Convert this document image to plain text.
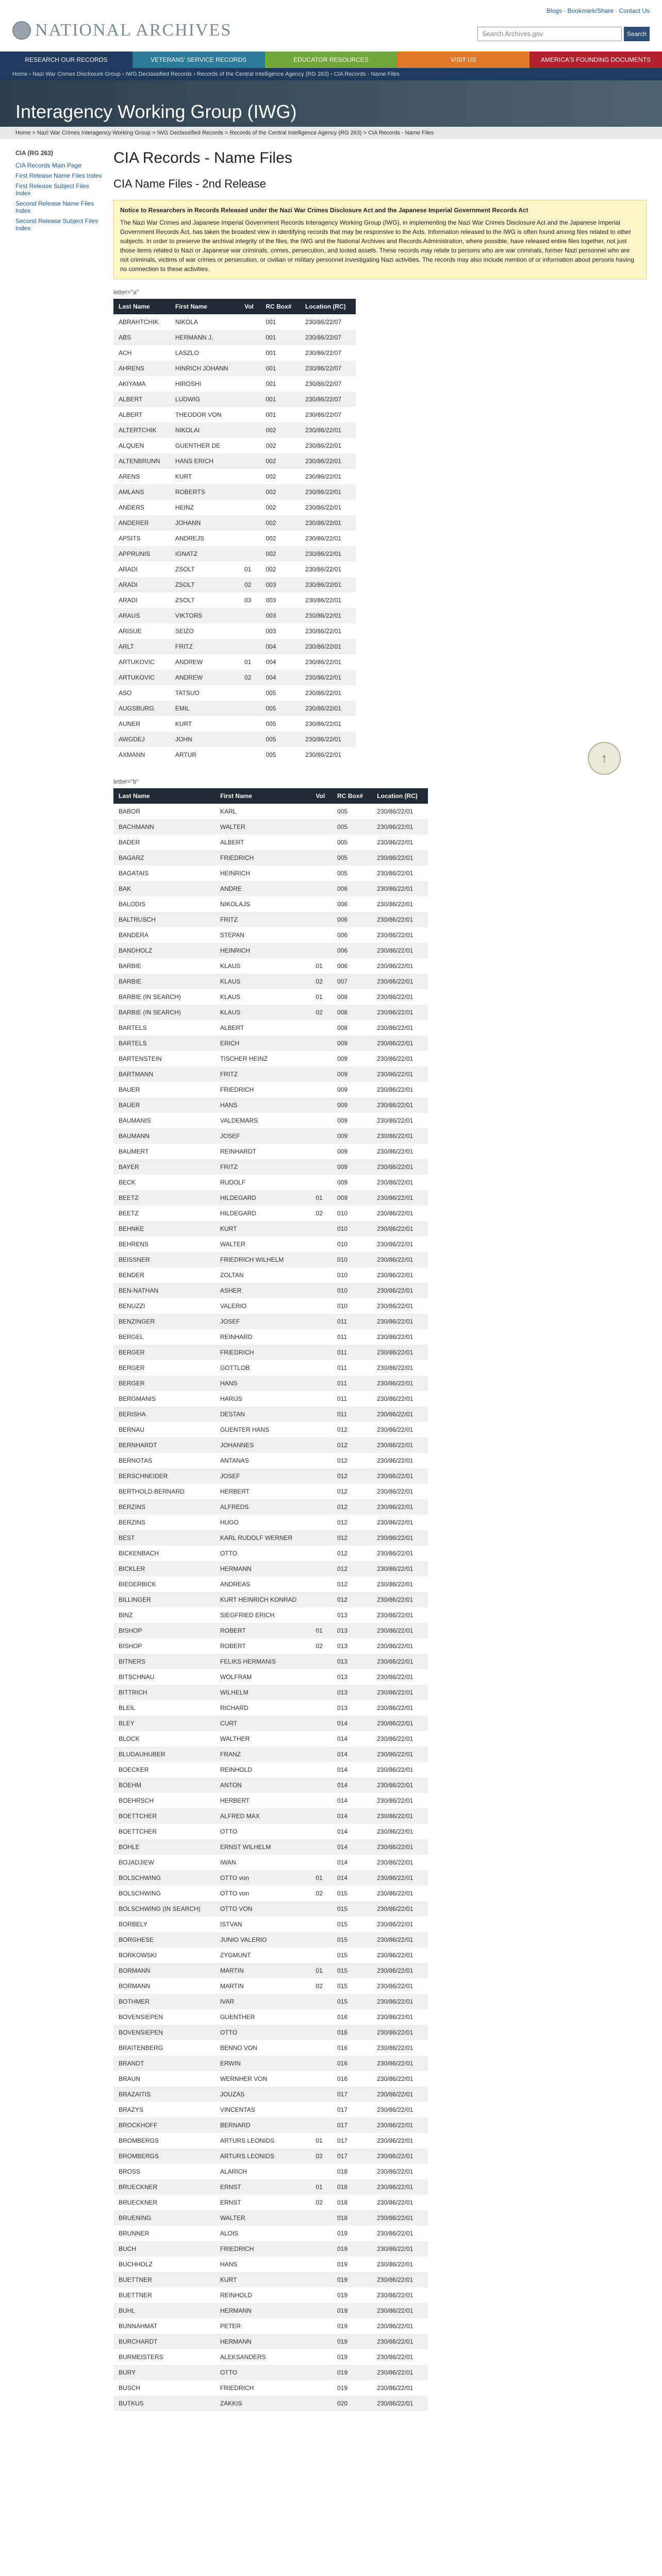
NATIONAL ARCHIVES
Blogs · Bookmark/Share · Contact Us
Search Archives.gov	Search
RESEARCH OUR RECORDS	VETERANS' SERVICE RECORDS	EDUCATOR RESOURCES	VISIT US	AMERICA'S FOUNDING DOCUMENTS
Home › Nazi War Crimes Disclosure Group › IWG Declassified Records › Records of the Central Intelligence Agency (RG 263) › CIA Records - Name Files
Interagency Working Group (IWG)
Home > Nazi War Crimes Interagency Working Group > IWG Declassified Records > Records of the Central Intelligence Agency (RG 263) > CIA Records - Name Files
CIA (RG 263)
CIA Records Main Page
First Release Name Files Index
First Release Subject Files Index
Second Release Name Files Index
Second Release Subject Files Index
CIA Records - Name Files
CIA Name Files - 2nd Release
Notice to Researchers in Records Released under the Nazi War Crimes Disclosure Act and the Japanese Imperial Government Records Act
The Nazi War Crimes and Japanese Imperial Government Records Interagency Working Group (IWG), in implementing the Nazi War Crimes Disclosure Act and the Japanese Imperial Government Records Act, has taken the broadest view in identifying records that may be responsive to the Acts. Information released to the IWG is often found among files related to other subjects. In order to preserve the archival integrity of the files, the IWG and the National Archives and Records Administration, where possible, have released entire files together, not just those items related to Nazi or Japanese war criminals, crimes, persecution, and looted assets. These records may relate to persons who are war criminals, former Nazi personnel who are not criminals, victims of war crimes or persecution, or civilian or military personnel investigating Nazi activities. The records may also include mention of or information about persons having no connection to these activities.
letter="a"
Last Name	First Name	Vol	RC Box#	Location (RC)
ABRAHTCHIK	NIKOLA		001	230/86/22/07
ABS	HERMANN J.		001	230/86/22/07
ACH	LASZLO		001	230/86/22/07
AHRENS	HINRICH JOHANN		001	230/86/22/07
AKIYAMA	HIROSHI		001	230/86/22/07
ALBERT	LUDWIG		001	230/86/22/07
ALBERT	THEODOR VON		001	230/86/22/07
ALTERTCHIK	NIKOLAI		002	230/86/22/01
ALQUEN	GUENTHER DE		002	230/86/22/01
ALTENBRUNN	HANS ERICH		002	230/86/22/01
ARENS	KURT		002	230/86/22/01
AMLANS	ROBERTS		002	230/86/22/01
ANDERS	HEINZ		002	230/86/22/01
ANDERER	JOHANN		002	230/86/22/01
APSITS	ANDREJS		002	230/86/22/01
APPRUNIS	IGNATZ		002	230/86/22/01
ARADI	ZSOLT	01	002	230/86/22/01
ARADI	ZSOLT	02	003	230/86/22/01
ARADI	ZSOLT	03	003	230/86/22/01
ARAUS	VIKTORS		003	230/86/22/01
ARISUE	SEIZO		003	230/86/22/01
ARLT	FRITZ		004	230/86/22/01
ARTUKOVIC	ANDREW	01	004	230/86/22/01
ARTUKOVIC	ANDREW	02	004	230/86/22/01
ASO	TATSUO		005	230/86/22/01
AUGSBURG	EMIL		005	230/86/22/01
AUNER	KURT		005	230/86/22/01
AWGDEJ	JOHN		005	230/86/22/01
AXMANN	ARTUR		005	230/86/22/01
letter="b"
Last Name	First Name	Vol	RC Box#	Location (RC)
BABOR	KARL		005	230/86/22/01
BACHMANN	WALTER		005	230/86/22/01
BADER	ALBERT		005	230/86/22/01
BAGARZ	FRIEDRICH		005	230/86/22/01
BAGATAIS	HEINRICH		005	230/86/22/01
BAK	ANDRE		006	230/86/22/01
BALODIS	NIKOLAJS		006	230/86/22/01
BALTRUSCH	FRITZ		006	230/86/22/01
BANDERA	STEPAN		006	230/86/22/01
BANDHOLZ	HEINRICH		006	230/86/22/01
BARBIE	KLAUS	01	006	230/86/22/01
BARBIE	KLAUS	02	007	230/86/22/01
BARBIE (IN SEARCH)	KLAUS	01	008	230/86/22/01
BARBIE (IN SEARCH)	KLAUS	02	008	230/86/22/01
BARTELS	ALBERT		008	230/86/22/01
BARTELS	ERICH		009	230/86/22/01
BARTENSTEIN	TISCHER HEINZ		009	230/86/22/01
BARTMANN	FRITZ		009	230/86/22/01
BAUER	FRIEDRICH		009	230/86/22/01
BAUER	HANS		009	230/86/22/01
BAUMANIS	VALDEMARS		009	230/86/22/01
BAUMANN	JOSEF		009	230/86/22/01
BAUMERT	REINHARDT		009	230/86/22/01
BAYER	FRITZ		009	230/86/22/01
BECK	RUDOLF		009	230/86/22/01
BEETZ	HILDEGARD	01	009	230/86/22/01
BEETZ	HILDEGARD	02	010	230/86/22/01
BEHNKE	KURT		010	230/86/22/01
BEHRENS	WALTER		010	230/86/22/01
BEISSNER	FRIEDRICH WILHELM		010	230/86/22/01
BENDER	ZOLTAN		010	230/86/22/01
BEN-NATHAN	ASHER		010	230/86/22/01
BENUZZI	VALERIO		010	230/86/22/01
BENZINGER	JOSEF		011	230/86/22/01
BERGEL	REINHARD		011	230/86/22/01
BERGER	FRIEDRICH		011	230/86/22/01
BERGER	GOTTLOB		011	230/86/22/01
BERGER	HANS		011	230/86/22/01
BERGMANIS	HARIJS		011	230/86/22/01
BERISHA	DESTAN		011	230/86/22/01
BERNAU	GUENTER HANS		012	230/86/22/01
BERNHARDT	JOHANNES		012	230/86/22/01
BERNOTAS	ANTANAS		012	230/86/22/01
BERSCHNEIDER	JOSEF		012	230/86/22/01
BERTHOLD-BERNARD	HERBERT		012	230/86/22/01
BERZINS	ALFREDS		012	230/86/22/01
BERZINS	HUGO		012	230/86/22/01
BEST	KARL RUDOLF WERNER		012	230/86/22/01
BICKENBACH	OTTO		012	230/86/22/01
BICKLER	HERMANN		012	230/86/22/01
BIEDERBICK	ANDREAS		012	230/86/22/01
BILLINGER	KURT HEINRICH KONRAD		012	230/86/22/01
BINZ	SIEGFRIED ERICH		013	230/86/22/01
BISHOP	ROBERT	01	013	230/86/22/01
BISHOP	ROBERT	02	013	230/86/22/01
BITNERS	FELIKS HERMANIS		013	230/86/22/01
BITSCHNAU	WOLFRAM		013	230/86/22/01
BITTRICH	WILHELM		013	230/86/22/01
BLEIL	RICHARD		013	230/86/22/01
BLEY	CURT		014	230/86/22/01
BLOCK	WALTHER		014	230/86/22/01
BLUDAUHUBER	FRANZ		014	230/86/22/01
BOECKER	REINHOLD		014	230/86/22/01
BOEHM	ANTON		014	230/86/22/01
BOEHRSCH	HERBERT		014	230/86/22/01
BOETTCHER	ALFRED MAX		014	230/86/22/01
BOETTCHER	OTTO		014	230/86/22/01
BOHLE	ERNST WILHELM		014	230/86/22/01
BOJADJIEW	IWAN		014	230/86/22/01
BOLSCHWING	OTTO von	01	014	230/86/22/01
BOLSCHWING	OTTO von	02	015	230/86/22/01
BOLSCHWING (IN SEARCH)	OTTO VON		015	230/86/22/01
BORBELY	ISTVAN		015	230/86/22/01
BORGHESE	JUNIO VALERIO		015	230/86/22/01
BORKOWSKI	ZYGMUNT		015	230/86/22/01
BORMANN	MARTIN	01	015	230/86/22/01
BORMANN	MARTIN	02	015	230/86/22/01
BOTHMER	IVAR		015	230/86/22/01
BOVENSIEPEN	GUENTHER		016	230/86/22/01
BOVENSIEPEN	OTTO		016	230/86/22/01
BRAITENBERG	BENNO VON		016	230/86/22/01
BRANDT	ERWIN		016	230/86/22/01
BRAUN	WERNHER VON		016	230/86/22/01
BRAZAITIS	JOUZAS		017	230/86/22/01
BRAZYS	VINCENTAS		017	230/86/22/01
BROCKHOFF	BERNARD		017	230/86/22/01
BROMBERGS	ARTURS LEONIDS	01	017	230/86/22/01
BROMBERGS	ARTURS LEONIDS	02	017	230/86/22/01
BROSS	ALARICH		018	230/86/22/01
BRUECKNER	ERNST	01	018	230/86/22/01
BRUECKNER	ERNST	02	018	230/86/22/01
BRUENING	WALTER		018	230/86/22/01
BRUNNER	ALOIS		019	230/86/22/01
BUCH	FRIEDRICH		019	230/86/22/01
BUCHHOLZ	HANS		019	230/86/22/01
BUETTNER	KURT		019	230/86/22/01
BUETTNER	REINHOLD		019	230/86/22/01
BUHL	HERMANN		019	230/86/22/01
BUNNAHMAT	PETER		019	230/86/22/01
BURCHARDT	HERMANN		019	230/86/22/01
BURMEISTERS	ALEKSANDERS		019	230/86/22/01
BURY	OTTO		019	230/86/22/01
BUSCH	FRIEDRICH		019	230/86/22/01
BUTKUS	ZAKKIS		020	230/86/22/01
↑
